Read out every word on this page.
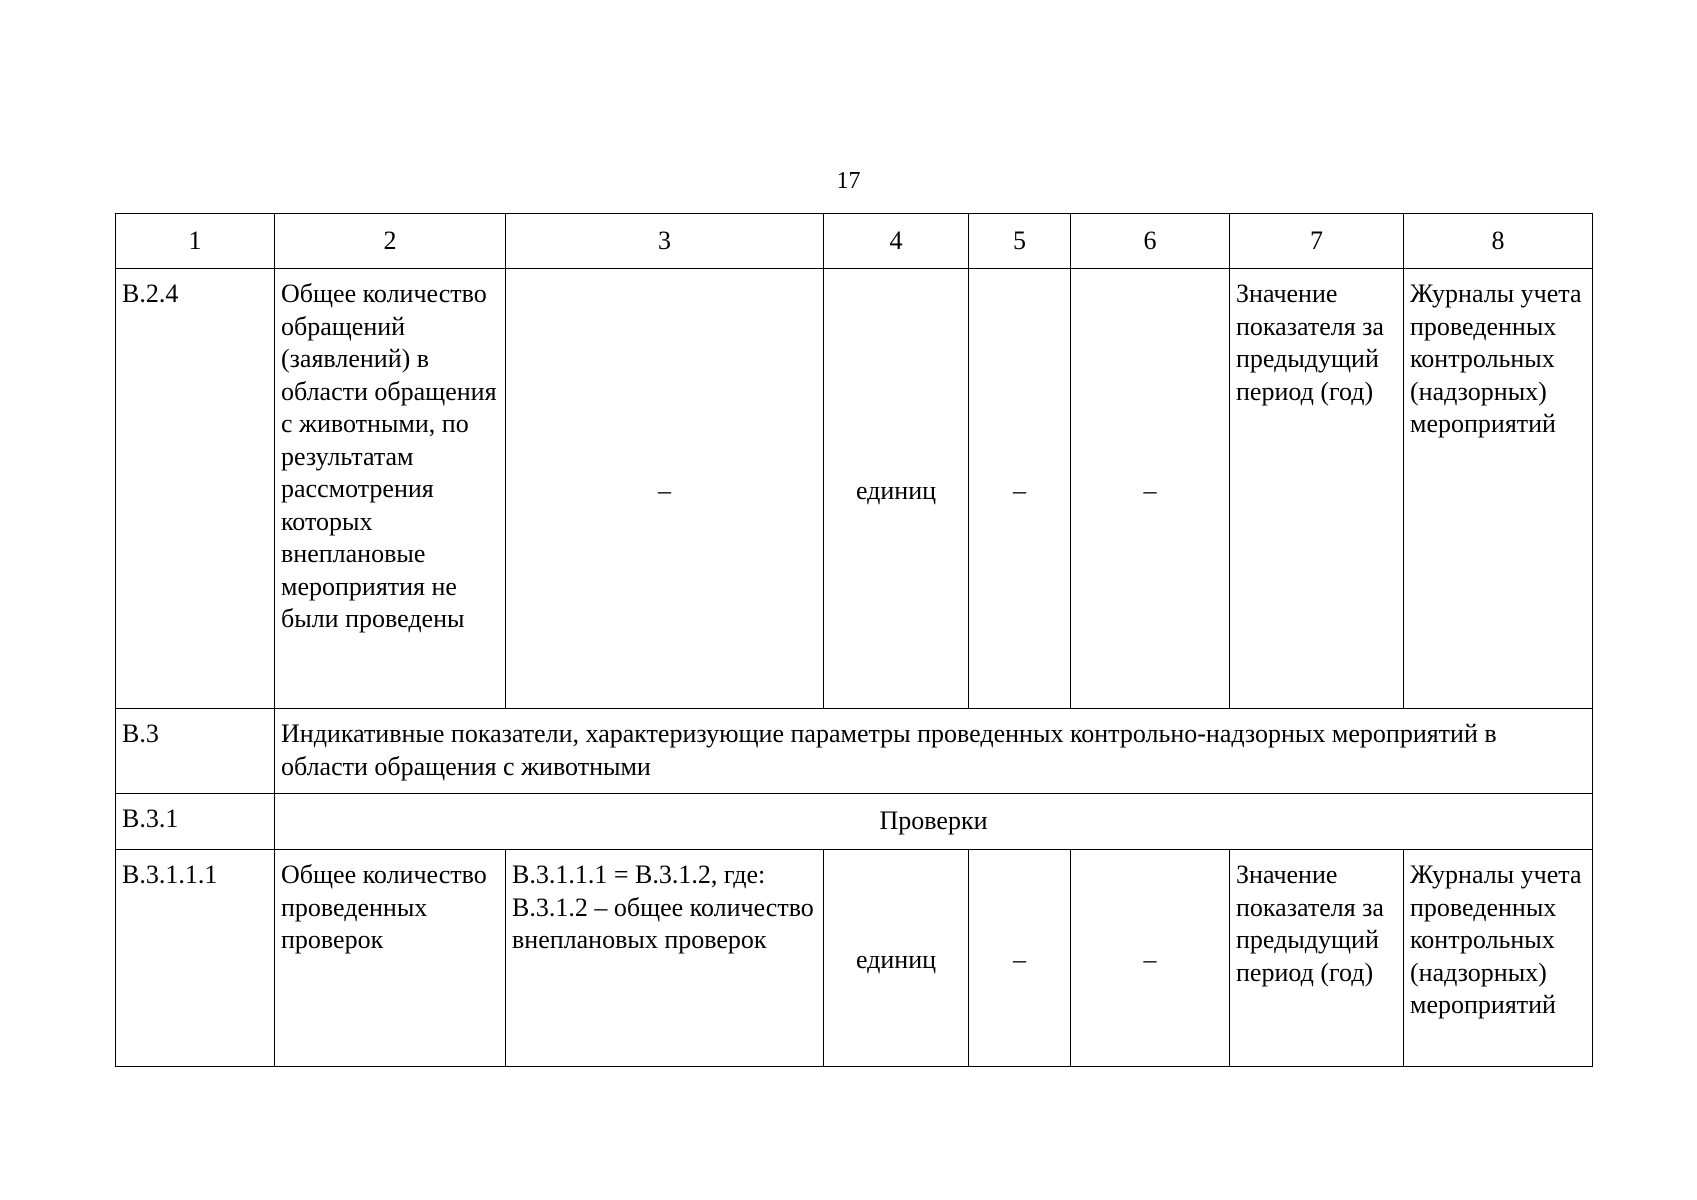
17
1	2	3	4	5	6	7	8
В.2.4	Общее количество обращений (заявлений) в области обращения с животными, по результатам рассмотрения которых внеплановые мероприятия не были проведены	–	единиц	–	–	Значение показателя за предыдущий период (год)	Журналы учета проведенных контрольных (надзорных) мероприятий
В.3	Индикативные показатели, характеризующие параметры проведенных контрольно-надзорных мероприятий в области обращения с животными						
В.3.1	Проверки						
В.3.1.1.1	Общее количество проведенных проверок	В.3.1.1.1 = В.3.1.2, где: В.3.1.2 – общее количество внеплановых проверок	единиц	–	–	Значение показателя за предыдущий период (год)	Журналы учета проведенных контрольных (надзорных) мероприятий
